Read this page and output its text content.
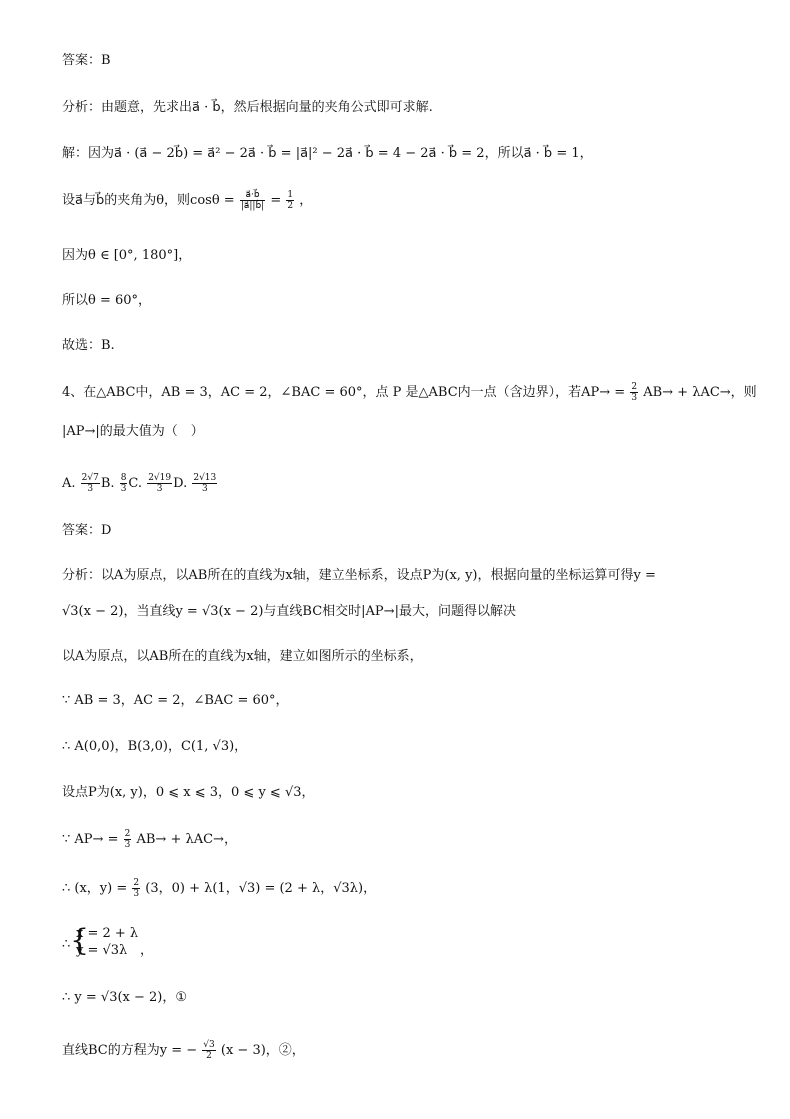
答案：B
分析：由题意，先求出a⃗ · b⃗，然后根据向量的夹角公式即可求解.
解：因为a⃗ · (a⃗ − 2b⃗) = a⃗² − 2a⃗ · b⃗ = |a⃗|² − 2a⃗ · b⃗ = 4 − 2a⃗ · b⃗ = 2，所以a⃗ · b⃗ = 1，
设a⃗与b⃗的夹角为θ，则$\cos\theta = \frac{a⃗\cdot b⃗}{|a⃗||b⃗|} = \frac{1}{2}$ ，
因为θ ∈ [0°, 180°]，
所以θ = 60°，
故选：B.
4、在△ABC中，AB = 3，AC = 2，∠BAC = 60°，点 P 是△ABC内一点（含边界），若$AP\to = \frac{2}{3} AB\to + \lambda AC\to$，则
|AP→|的最大值为（　）
A. $\frac{2√7}{3} B$. $\frac{8}{3} C$. $\frac{2√19}{3} D$. $\frac{2√13}{3}$
答案：D
分析：以A为原点，以AB所在的直线为x轴，建立坐标系，设点P为(x, y)，根据向量的坐标运算可得y =
√3(x − 2)，当直线y = √3(x − 2)与直线BC相交时|AP→|最大，问题得以解决
以A为原点，以AB所在的直线为x轴，建立如图所示的坐标系，
∵ AB = 3，AC = 2，∠BAC = 60°，
∴ A(0,0)，B(3,0)，C(1, √3)，
设点P为(x, y)，0 ⩽ x ⩽ 3，0 ⩽ y ⩽ √3，
∵ $AP\to = \frac{2}{3} AB\to + \lambda AC\to$，
∴ (x，$y) = \frac{2}{3} (3$，0) + λ(1，√3) = (2 + λ，√3λ)，
∴ {
x = 2 + λ
y = √3λ ，
∴ y = √3(x − 2)，①
直线BC的方程为y = − $\frac{√3}{2} (x - 3)$，②，
